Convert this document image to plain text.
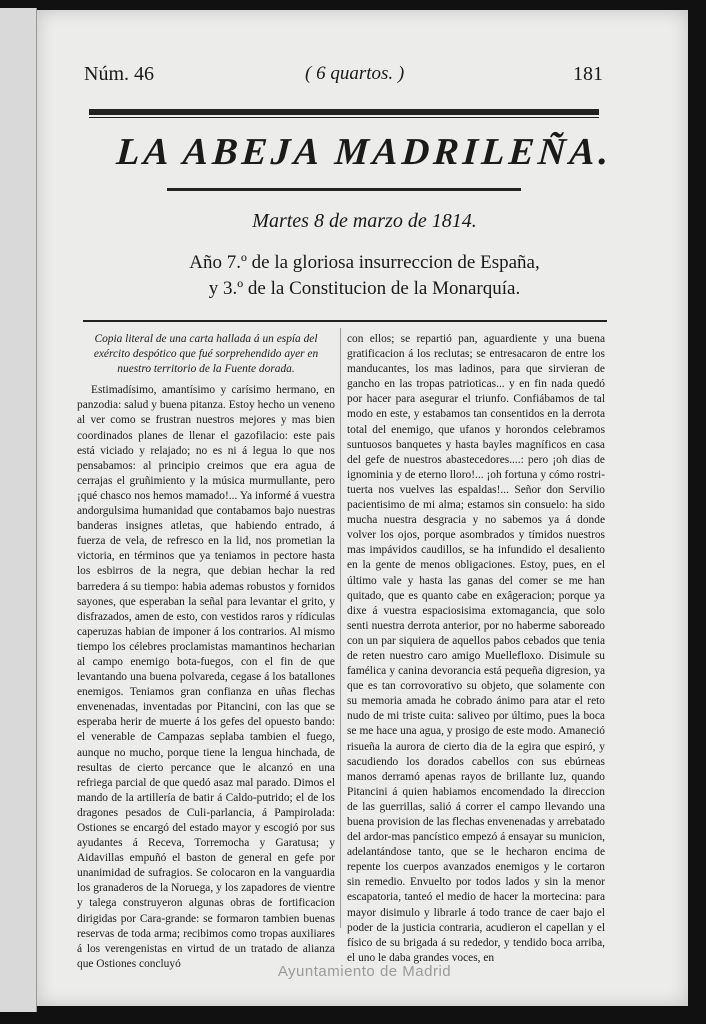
Núm. 46	( 6 quartos. )	181
LA ABEJA MADRILEÑA.
Martes 8 de marzo de 1814.
Año 7.º de la gloriosa insurreccion de España,
y 3.º de la Constitucion de la Monarquía.

Copia literal de una carta hallada á un espía del exército despótico que fué sorprehendido ayer en nuestro territorio de la Fuente dorada.

Estimadísimo, amantísimo y carísimo hermano, en panzodia: salud y buena pitanza. Estoy hecho un veneno al ver como se frustran nuestros mejores y mas bien coordinados planes de llenar el gazofilacio: este pais está viciado y relajado; no es ni á legua lo que nos pensabamos: al principio creimos que era agua de cerrajas el gruñimiento y la música murmullante, pero ¡qué chasco nos hemos mamado!... Ya informé á vuestra andorgulsima humanidad que contabamos bajo nuestras banderas insignes atletas, que habiendo entrado, á fuerza de vela, de refresco en la lid, nos prometian la victoria, en términos que ya teniamos in pectore hasta los esbirros de la negra, que debian hechar la red barredera á su tiempo: habia ademas robustos y fornidos sayones, que esperaban la señal para levantar el grito, y disfrazados, amen de esto, con vestidos raros y rídiculas caperuzas habian de imponer á los contrarios. Al mismo tiempo los célebres proclamistas mamantinos hecharian al campo enemigo bota-fuegos, con el fin de que levantando una buena polvareda, cegase á los batallones enemigos. Teniamos gran confianza en uñas flechas envenenadas, inventadas por Pitancini, con las que se esperaba herir de muerte á los gefes del opuesto bando: el venerable de Campazas seplaba tambien el fuego, aunque no mucho, porque tiene la lengua hinchada, de resultas de cierto percance que le alcanzó en una refriega parcial de que quedó asaz mal parado. Dimos el mando de la artillería de batir á Caldo-putrido; el de los dragones pesados de Culi-parlancia, á Pampirolada: Ostiones se encargó del estado mayor y escogió por sus ayudantes á Receva, Torremocha y Garatusa; y Aidavillas empuñó el baston de general en gefe por unanimidad de sufragios. Se colocaron en la vanguardia los granaderos de la Noruega, y los zapadores de vientre y talega construyeron algunas obras de fortificacion dirigidas por Cara-grande: se formaron tambien buenas reservas de toda arma; recibimos como tropas auxiliares á los verengenistas en virtud de un tratado de alianza que Ostiones concluyó

con ellos; se repartió pan, aguardiente y una buena gratificacion á los reclutas; se entresacaron de entre los manducantes, los mas ladinos, para que sirvieran de gancho en las tropas patrioticas... y en fin nada quedó por hacer para asegurar el triunfo. Confiábamos de tal modo en este, y estabamos tan consentidos en la derrota total del enemigo, que ufanos y horondos celebramos suntuosos banquetes y hasta bayles magníficos en casa del gefe de nuestros abastecedores....: pero ¡oh dias de ignominia y de eterno lloro!... ¡oh fortuna y cómo rostri-tuerta nos vuelves las espaldas!... Señor don Servilio pacientisimo de mi alma; estamos sin consuelo: ha sido mucha nuestra desgracia y no sabemos ya á donde volver los ojos, porque asombrados y tímidos nuestros mas impávidos caudillos, se ha infundido el desaliento en la gente de menos obligaciones. Estoy, pues, en el último vale y hasta las ganas del comer se me han quitado, que es quanto cabe en exâgeracion; porque ya dixe á vuestra espaciosisima extomagancia, que solo senti nuestra derrota anterior, por no haberme saboreado con un par siquiera de aquellos pabos cebados que tenia de reten nuestro caro amigo Muellefloxo. Disimule su famélica y canina devorancia está pequeña digresion, ya que es tan corrovorativo su objeto, que solamente con su memoria amada he cobrado ánimo para atar el reto nudo de mi triste cuita: saliveo por último, pues la boca se me hace una agua, y prosigo de este modo. Amaneció risueña la aurora de cierto dia de la egira que espiró, y sacudiendo los dorados cabellos con sus ebúrneas manos derramó apenas rayos de brillante luz, quando Pitancini á quien habiamos encomendado la direccion de las guerrillas, salió á correr el campo llevando una buena provision de las flechas envenenadas y arrebatado del ardor-mas pancístico empezó á ensayar su municion, adelantándose tanto, que se le hecharon encima de repente los cuerpos avanzados enemigos y le cortaron sin remedio. Envuelto por todos lados y sin la menor escapatoria, tanteó el medio de hacer la mortecina: para mayor disimulo y librarle á todo trance de caer bajo el poder de la justicia contraria, acudieron el capellan y el físico de su brigada á su rededor, y tendido boca arriba, el uno le daba grandes voces, en

Ayuntamiento de Madrid
